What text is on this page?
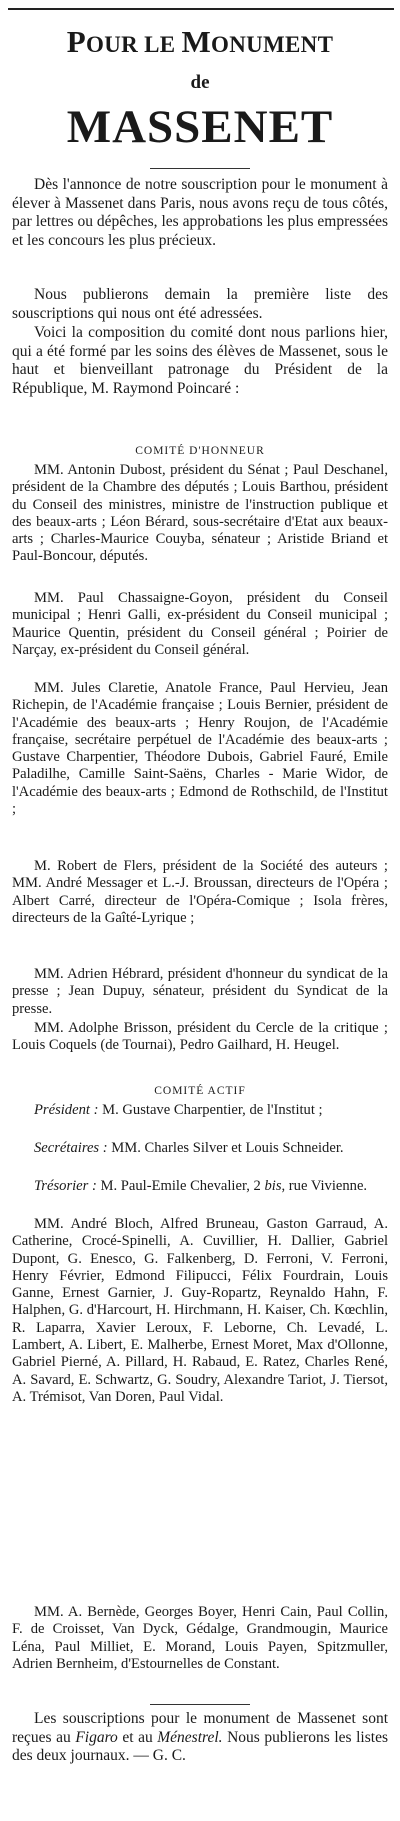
POUR LE MONUMENT
de
MASSENET
Dès l'annonce de notre souscription pour le monument à élever à Massenet dans Paris, nous avons reçu de tous côtés, par lettres ou dépêches, les approbations les plus empressées et les concours les plus précieux.
Nous publierons demain la première liste des souscriptions qui nous ont été adressées.
Voici la composition du comité dont nous parlions hier, qui a été formé par les soins des élèves de Massenet, sous le haut et bienveillant patronage du Président de la République, M. Raymond Poincaré :
COMITÉ D'HONNEUR
MM. Antonin Dubost, président du Sénat ; Paul Deschanel, président de la Chambre des députés ; Louis Barthou, président du Conseil des ministres, ministre de l'instruction publique et des beaux-arts ; Léon Bérard, sous-secrétaire d'Etat aux beaux-arts ; Charles-Maurice Couyba, sénateur ; Aristide Briand et Paul-Boncour, députés.
MM. Paul Chassaigne-Goyon, président du Conseil municipal ; Henri Galli, ex-président du Conseil municipal ; Maurice Quentin, président du Conseil général ; Poirier de Narçay, ex-président du Conseil général.
MM. Jules Claretie, Anatole France, Paul Hervieu, Jean Richepin, de l'Académie française ; Louis Bernier, président de l'Académie des beaux-arts ; Henry Roujon, de l'Académie française, secrétaire perpétuel de l'Académie des beaux-arts ; Gustave Charpentier, Théodore Dubois, Gabriel Fauré, Emile Paladilhe, Camille Saint-Saëns, Charles - Marie Widor, de l'Académie des beaux-arts ; Edmond de Rothschild, de l'Institut ;
M. Robert de Flers, président de la Société des auteurs ; MM. André Messager et L.-J. Broussan, directeurs de l'Opéra ; Albert Carré, directeur de l'Opéra-Comique ; Isola frères, directeurs de la Gaîté-Lyrique ;
MM. Adrien Hébrard, président d'honneur du syndicat de la presse ; Jean Dupuy, sénateur, président du Syndicat de la presse.
MM. Adolphe Brisson, président du Cercle de la critique ; Louis Coquels (de Tournai), Pedro Gailhard, H. Heugel.
COMITÉ ACTIF
Président : M. Gustave Charpentier, de l'Institut ;
Secrétaires : MM. Charles Silver et Louis Schneider.
Trésorier : M. Paul-Emile Chevalier, 2 bis, rue Vivienne.
MM. André Bloch, Alfred Bruneau, Gaston Garraud, A. Catherine, Crocé-Spinelli, A. Cuvillier, H. Dallier, Gabriel Dupont, G. Enesco, G. Falkenberg, D. Ferroni, V. Ferroni, Henry Février, Edmond Filipucci, Félix Fourdrain, Louis Ganne, Ernest Garnier, J. Guy-Ropartz, Reynaldo Hahn, F. Halphen, G. d'Harcourt, H. Hirchmann, H. Kaiser, Ch. Kœchlin, R. Laparra, Xavier Leroux, F. Leborne, Ch. Levadé, L. Lambert, A. Libert, E. Malherbe, Ernest Moret, Max d'Ollonne, Gabriel Pierné, A. Pillard, H. Rabaud, E. Ratez, Charles René, A. Savard, E. Schwartz, G. Soudry, Alexandre Tariot, J. Tiersot, A. Trémisot, Van Doren, Paul Vidal.
MM. A. Bernède, Georges Boyer, Henri Cain, Paul Collin, F. de Croisset, Van Dyck, Gédalge, Grandmougin, Maurice Léna, Paul Milliet, E. Morand, Louis Payen, Spitzmuller, Adrien Bernheim, d'Estournelles de Constant.
Les souscriptions pour le monument de Massenet sont reçues au Figaro et au Ménestrel. Nous publierons les listes des deux journaux. — G. C.
